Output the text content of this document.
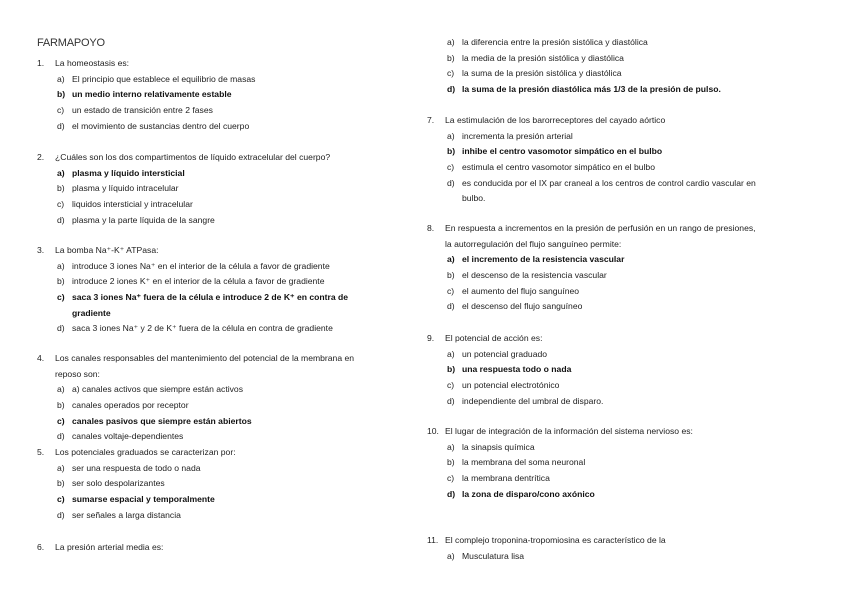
FARMAPOYO
1. La homeostasis es:
a) El principio que establece el equilibrio de masas
b) un medio interno relativamente estable
c) un estado de transición entre 2 fases
d) el movimiento de sustancias dentro del cuerpo
2. ¿Cuáles son los dos compartimentos de líquido extracelular del cuerpo?
a) plasma y líquido intersticial
b) plasma y líquido intracelular
c) liquidos intersticial y intracelular
d) plasma y la parte líquida de la sangre
3. La bomba Na⁺-K⁺ ATPasa:
a) introduce 3 iones Na⁺ en el interior de la célula a favor de gradiente
b) introduce 2 iones K⁺ en el interior de la célula a favor de gradiente
c) saca 3 iones Na⁺ fuera de la célula e introduce 2 de K⁺ en contra de
gradiente
d) saca 3 iones Na⁺ y 2 de K⁺ fuera de la célula en contra de gradiente
4. Los canales responsables del mantenimiento del potencial de la membrana en
reposo son:
a) a) canales activos que siempre están activos
b) canales operados por receptor
c) canales pasivos que siempre están abiertos
d) canales voltaje-dependientes
5. Los potenciales graduados se caracterizan por:
a) ser una respuesta de todo o nada
b) ser solo despolarizantes
c) sumarse espacial y temporalmente
d) ser señales a larga distancia
6. La presión arterial media es:
a) la diferencia entre la presión sistólica y diastólica
b) la media de la presión sistólica y diastólica
c) la suma de la presión sistólica y diastólica
d) la suma de la presión diastólica más 1/3 de la presión de pulso.
7. La estimulación de los barorreceptores del cayado aórtico
a) incrementa la presión arterial
b) inhibe el centro vasomotor simpático en el bulbo
c) estimula el centro vasomotor simpático en el bulbo
d) es conducida por el IX par craneal a los centros de control cardio vascular en
bulbo.
8. En respuesta a incrementos en la presión de perfusión en un rango de presiones,
la autorregulación del flujo sanguíneo permite:
a) el incremento de la resistencia vascular
b) el descenso de la resistencia vascular
c) el aumento del flujo sanguíneo
d) el descenso del flujo sanguíneo
9. El potencial de acción es:
a) un potencial graduado
b) una respuesta todo o nada
c) un potencial electrotónico
d) independiente del umbral de disparo.
10. El lugar de integración de la información del sistema nervioso es:
a) la sinapsis química
b) la membrana del soma neuronal
c) la membrana dentrítica
d) la zona de disparo/cono axónico
11. El complejo troponina-tropomiosina es característico de la
a) Musculatura lisa
